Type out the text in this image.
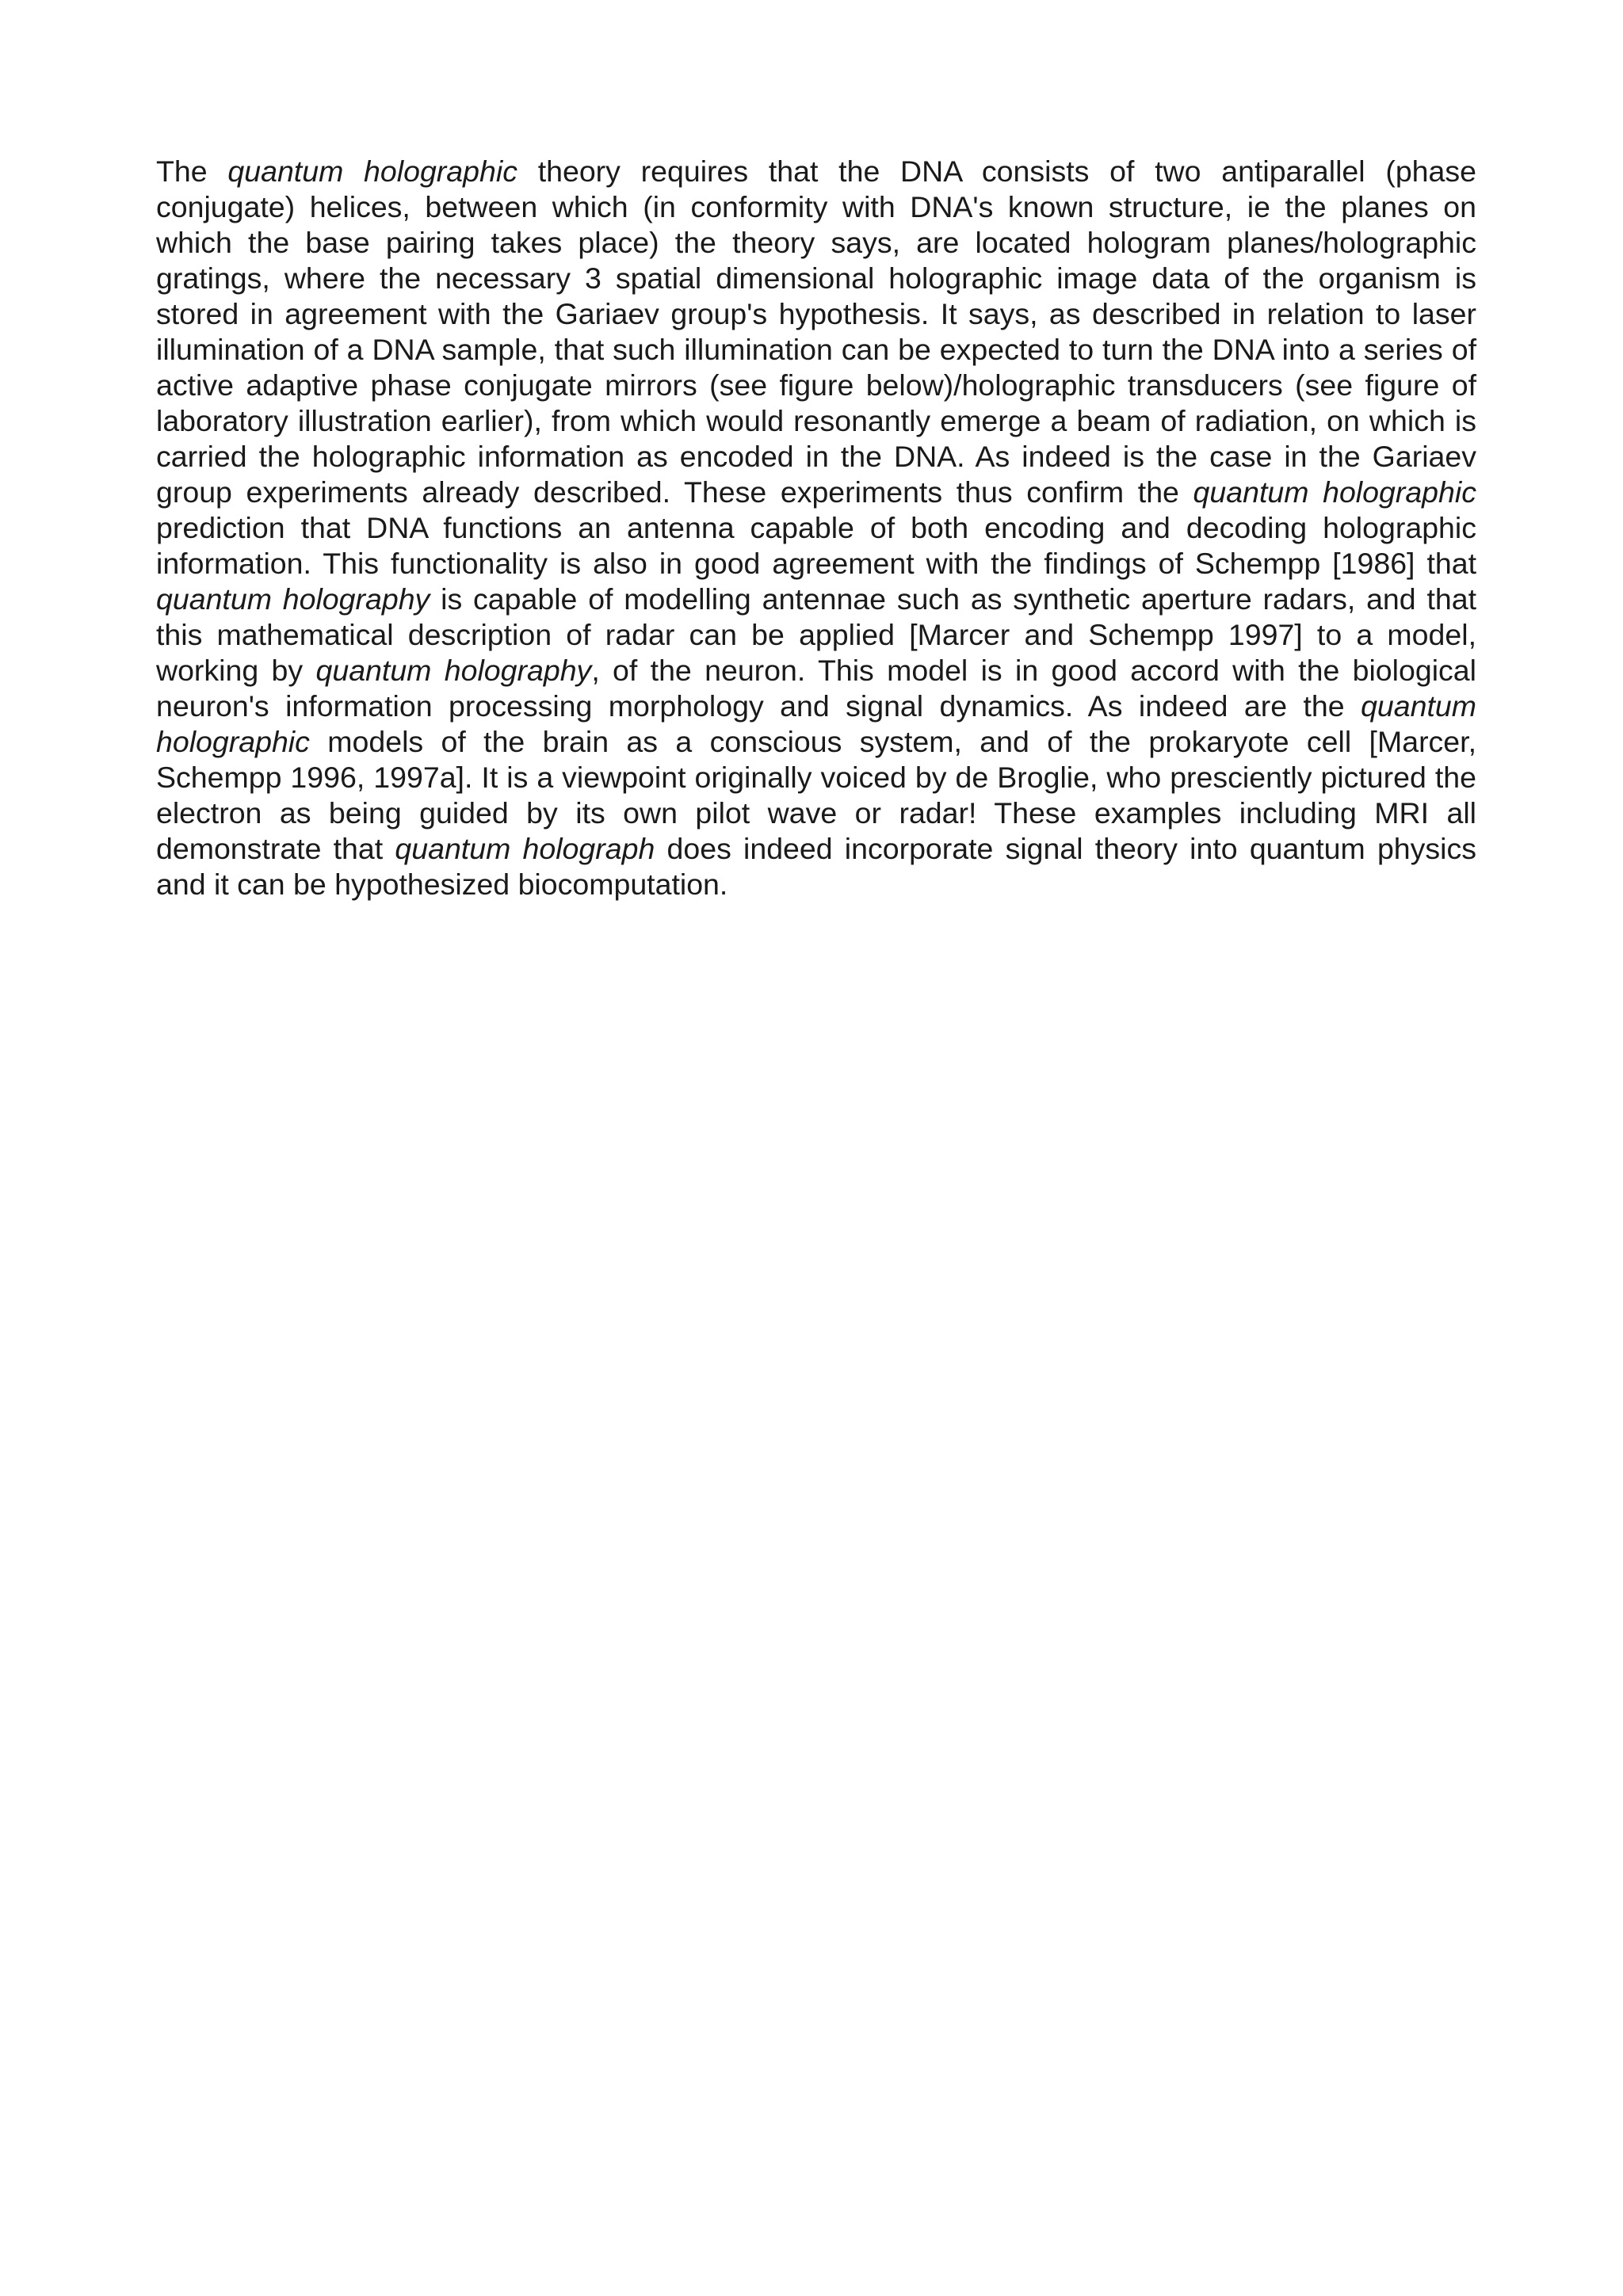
The quantum holographic theory requires that the DNA consists of two antiparallel (phase conjugate) helices, between which (in conformity with DNA's known structure, ie the planes on which the base pairing takes place) the theory says, are located hologram planes/holographic gratings, where the necessary 3 spatial dimensional holographic image data of the organism is stored in agreement with the Gariaev group's hypothesis. It says, as described in relation to laser illumination of a DNA sample, that such illumination can be expected to turn the DNA into a series of active adaptive phase conjugate mirrors (see figure below)/holographic transducers (see figure of laboratory illustration earlier), from which would resonantly emerge a beam of radiation, on which is carried the holographic information as encoded in the DNA. As indeed is the case in the Gariaev group experiments already described. These experiments thus confirm the quantum holographic prediction that DNA functions an antenna capable of both encoding and decoding holographic information. This functionality is also in good agreement with the findings of Schempp [1986] that quantum holography is capable of modelling antennae such as synthetic aperture radars, and that this mathematical description of radar can be applied [Marcer and Schempp 1997] to a model, working by quantum holography, of the neuron. This model is in good accord with the biological neuron's information processing morphology and signal dynamics. As indeed are the quantum holographic models of the brain as a conscious system, and of the prokaryote cell [Marcer, Schempp 1996, 1997a]. It is a viewpoint originally voiced by de Broglie, who presciently pictured the electron as being guided by its own pilot wave or radar! These examples including MRI all demonstrate that quantum holograph does indeed incorporate signal theory into quantum physics and it can be hypothesized biocomputation.
